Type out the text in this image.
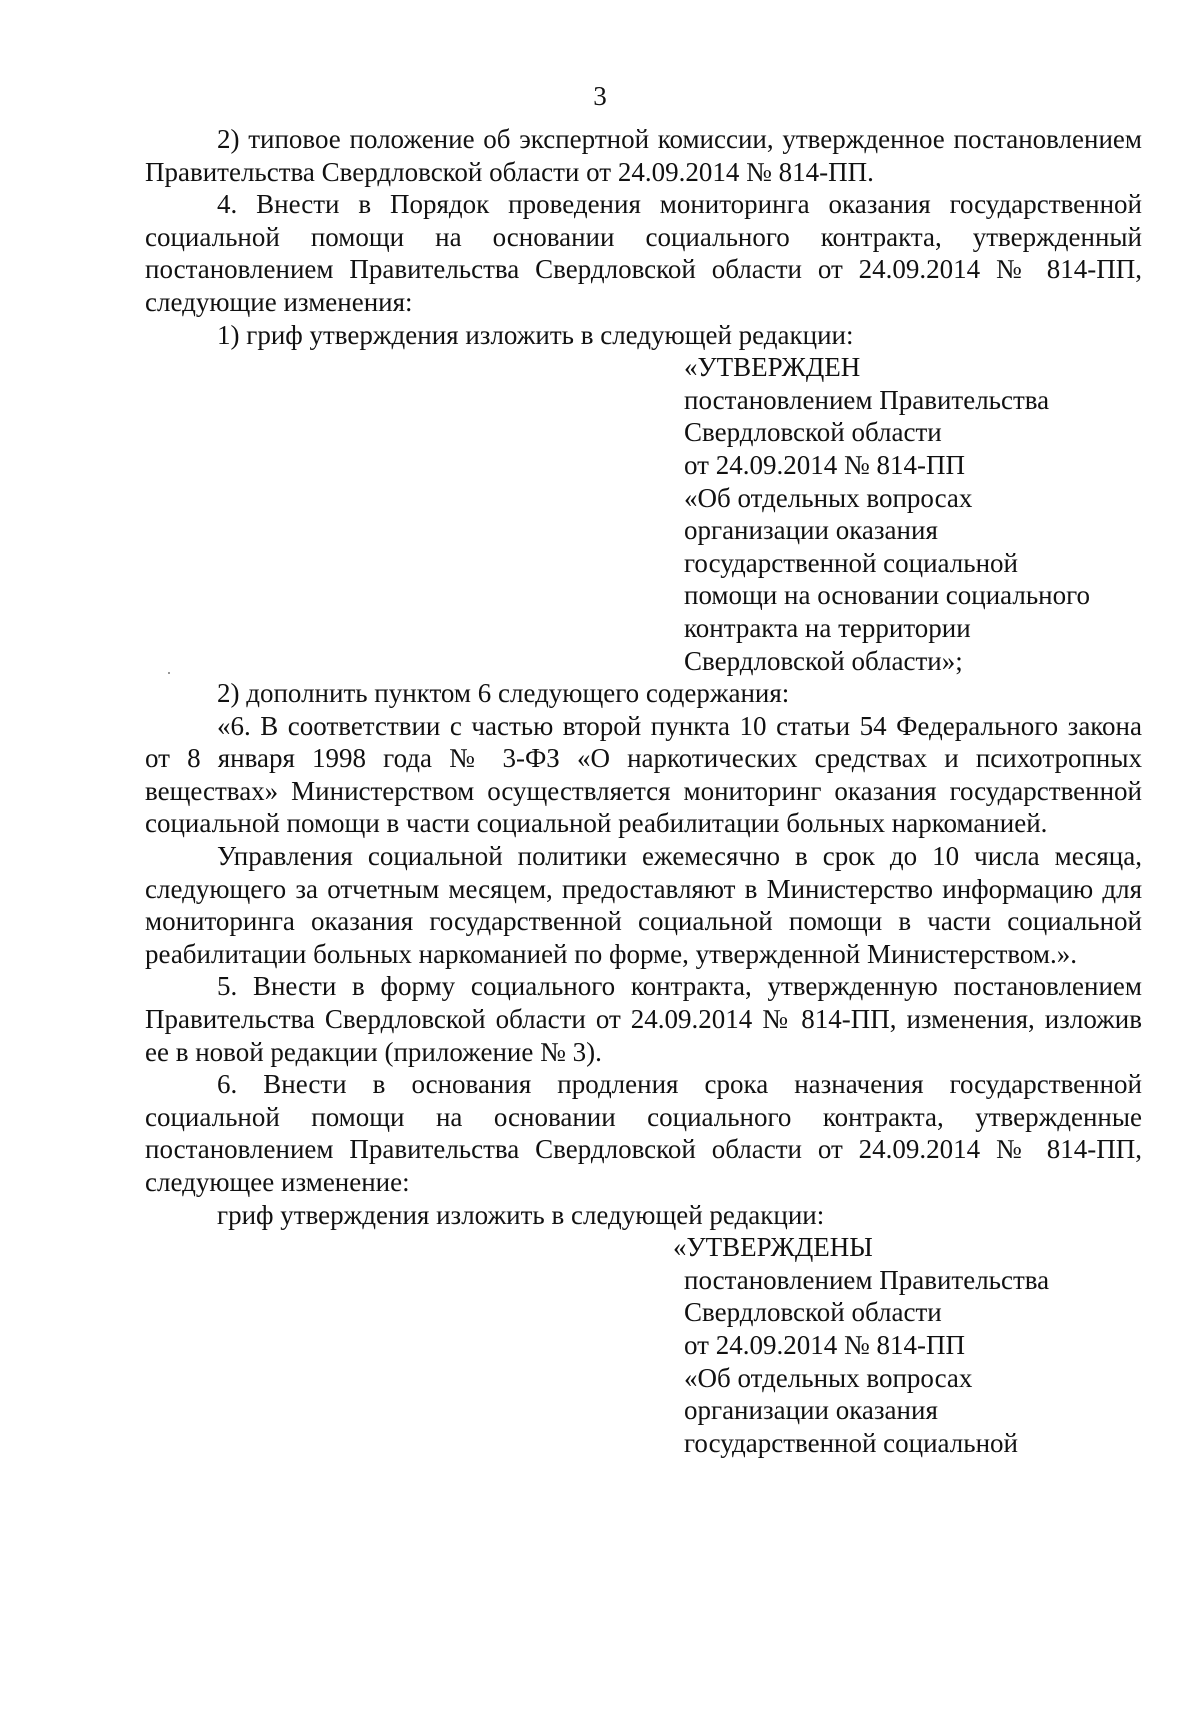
3

2) типовое положение об экспертной комиссии, утвержденное постановлением Правительства Свердловской области от 24.09.2014 № 814-ПП.

4. Внести в Порядок проведения мониторинга оказания государственной социальной помощи на основании социального контракта, утвержденный постановлением Правительства Свердловской области от 24.09.2014 № 814-ПП, следующие изменения:

1) гриф утверждения изложить в следующей редакции:

«УТВЕРЖДЕН
постановлением Правительства
Свердловской области
от 24.09.2014 № 814-ПП
«Об отдельных вопросах
организации оказания
государственной социальной
помощи на основании социального
контракта на территории
Свердловской области»;

2) дополнить пунктом 6 следующего содержания:

«6. В соответствии с частью второй пункта 10 статьи 54 Федерального закона от 8 января 1998 года № 3-ФЗ «О наркотических средствах и психотропных веществах» Министерством осуществляется мониторинг оказания государственной социальной помощи в части социальной реабилитации больных наркоманией.

Управления социальной политики ежемесячно в срок до 10 числа месяца, следующего за отчетным месяцем, предоставляют в Министерство информацию для мониторинга оказания государственной социальной помощи в части социальной реабилитации больных наркоманией по форме, утвержденной Министерством.».

5. Внести в форму социального контракта, утвержденную постановлением Правительства Свердловской области от 24.09.2014 № 814-ПП, изменения, изложив ее в новой редакции (приложение № 3).

6. Внести в основания продления срока назначения государственной социальной помощи на основании социального контракта, утвержденные постановлением Правительства Свердловской области от 24.09.2014 № 814-ПП, следующее изменение:

гриф утверждения изложить в следующей редакции:

«УТВЕРЖДЕНЫ
постановлением Правительства
Свердловской области
от 24.09.2014 № 814-ПП
«Об отдельных вопросах
организации оказания
государственной социальной
